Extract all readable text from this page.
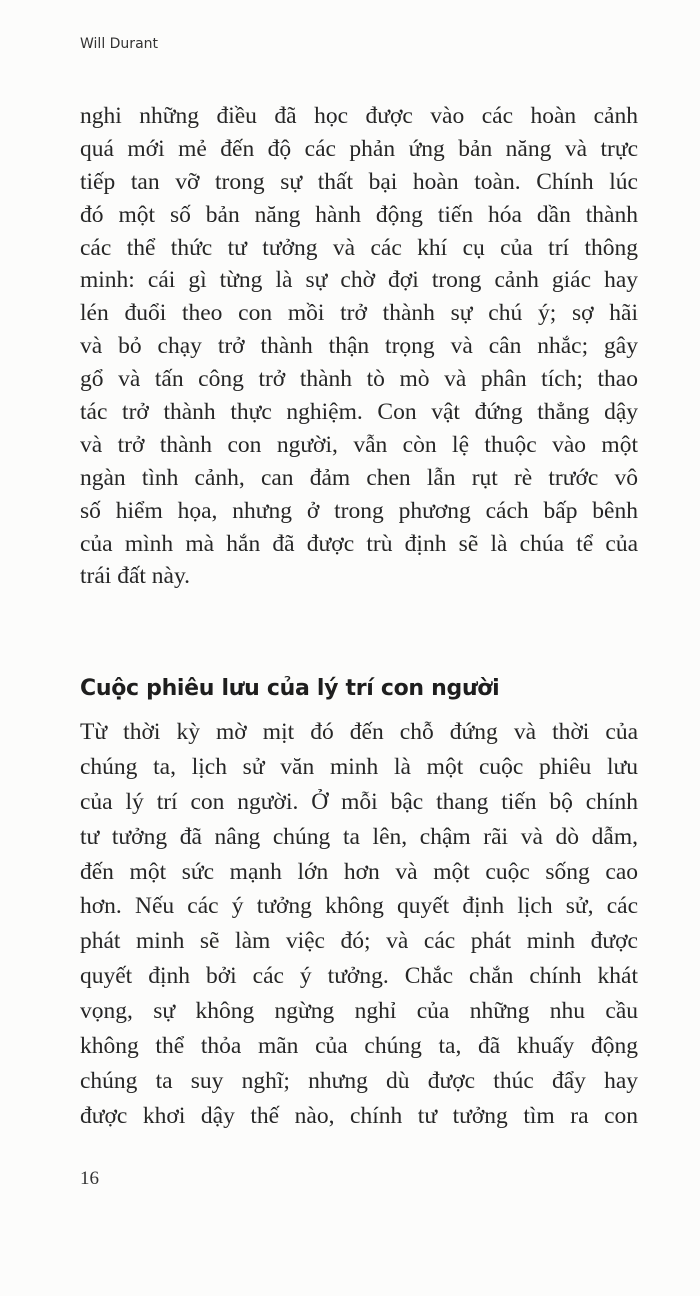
Will Durant
nghi những điều đã học được vào các hoàn cảnh
quá mới mẻ đến độ các phản ứng bản năng và trực
tiếp tan vỡ trong sự thất bại hoàn toàn. Chính lúc
đó một số bản năng hành động tiến hóa dần thành
các thể thức tư tưởng và các khí cụ của trí thông
minh: cái gì từng là sự chờ đợi trong cảnh giác hay
lén đuổi theo con mồi trở thành sự chú ý; sợ hãi
và bỏ chạy trở thành thận trọng và cân nhắc; gây
gổ và tấn công trở thành tò mò và phân tích; thao
tác trở thành thực nghiệm. Con vật đứng thẳng dậy
và trở thành con người, vẫn còn lệ thuộc vào một
ngàn tình cảnh, can đảm chen lẫn rụt rè trước vô
số hiểm họa, nhưng ở trong phương cách bấp bênh
của mình mà hắn đã được trù định sẽ là chúa tể của
trái đất này.
Cuộc phiêu lưu của lý trí con người
Từ thời kỳ mờ mịt đó đến chỗ đứng và thời của
chúng ta, lịch sử văn minh là một cuộc phiêu lưu
của lý trí con người. Ở mỗi bậc thang tiến bộ chính
tư tưởng đã nâng chúng ta lên, chậm rãi và dò dẫm,
đến một sức mạnh lớn hơn và một cuộc sống cao
hơn. Nếu các ý tưởng không quyết định lịch sử, các
phát minh sẽ làm việc đó; và các phát minh được
quyết định bởi các ý tưởng. Chắc chắn chính khát
vọng, sự không ngừng nghỉ của những nhu cầu
không thể thỏa mãn của chúng ta, đã khuấy động
chúng ta suy nghĩ; nhưng dù được thúc đẩy hay
được khơi dậy thế nào, chính tư tưởng tìm ra con
16
